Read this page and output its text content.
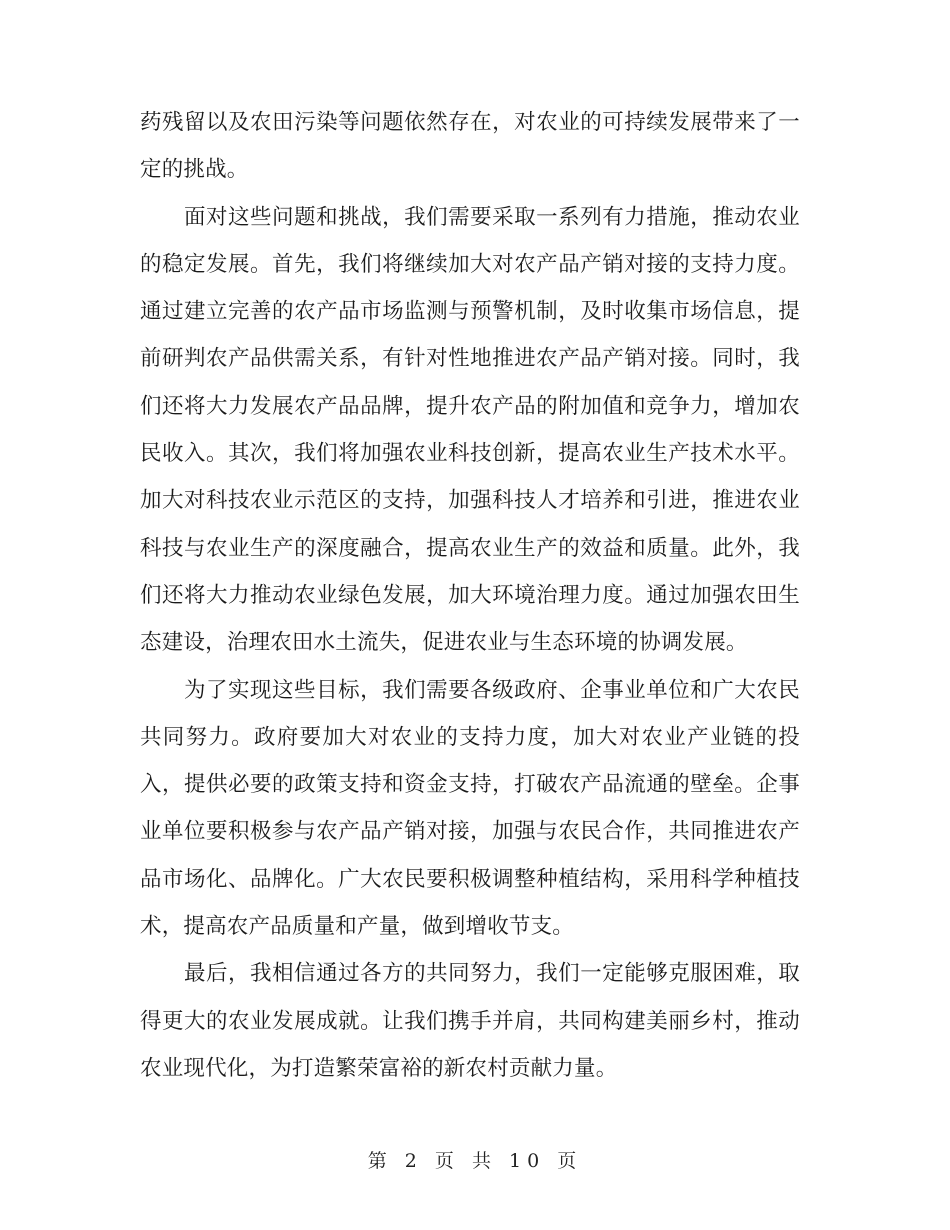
药残留以及农田污染等问题依然存在，对农业的可持续发展带来了一定的挑战。

面对这些问题和挑战，我们需要采取一系列有力措施，推动农业的稳定发展。首先，我们将继续加大对农产品产销对接的支持力度。通过建立完善的农产品市场监测与预警机制，及时收集市场信息，提前研判农产品供需关系，有针对性地推进农产品产销对接。同时，我们还将大力发展农产品品牌，提升农产品的附加值和竞争力，增加农民收入。其次，我们将加强农业科技创新，提高农业生产技术水平。加大对科技农业示范区的支持，加强科技人才培养和引进，推进农业科技与农业生产的深度融合，提高农业生产的效益和质量。此外，我们还将大力推动农业绿色发展，加大环境治理力度。通过加强农田生态建设，治理农田水土流失，促进农业与生态环境的协调发展。

为了实现这些目标，我们需要各级政府、企事业单位和广大农民共同努力。政府要加大对农业的支持力度，加大对农业产业链的投入，提供必要的政策支持和资金支持，打破农产品流通的壁垒。企事业单位要积极参与农产品产销对接，加强与农民合作，共同推进农产品市场化、品牌化。广大农民要积极调整种植结构，采用科学种植技术，提高农产品质量和产量，做到增收节支。

最后，我相信通过各方的共同努力，我们一定能够克服困难，取得更大的农业发展成就。让我们携手并肩，共同构建美丽乡村，推动农业现代化，为打造繁荣富裕的新农村贡献力量。

第 2 页 共 10 页
